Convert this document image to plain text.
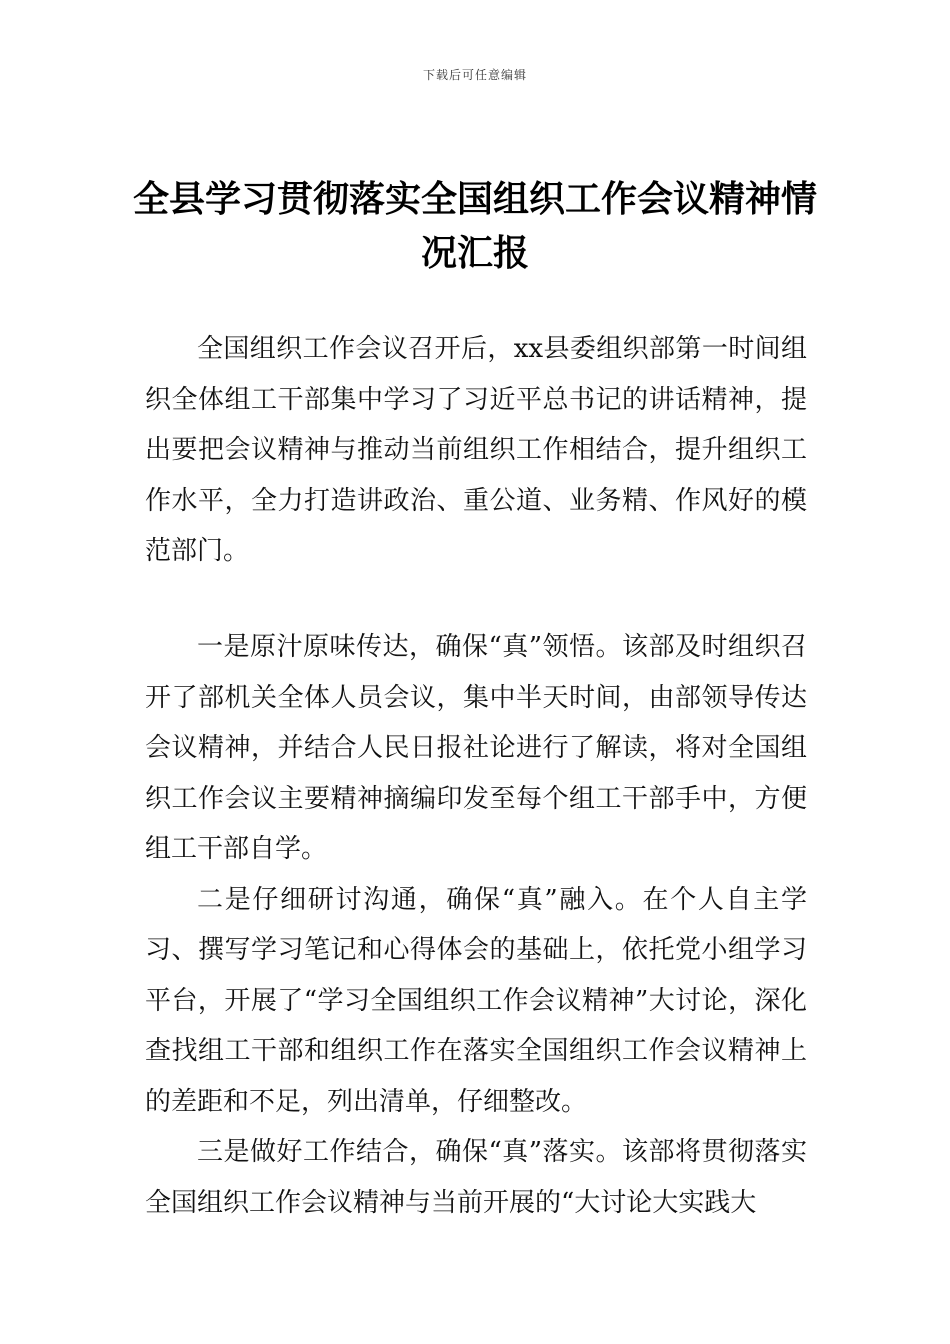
下载后可任意编辑
全县学习贯彻落实全国组织工作会议精神情况汇报

全国组织工作会议召开后，xx县委组织部第一时间组织全体组工干部集中学习了习近平总书记的讲话精神，提出要把会议精神与推动当前组织工作相结合，提升组织工作水平，全力打造讲政治、重公道、业务精、作风好的模范部门。

一是原汁原味传达，确保“真”领悟。该部及时组织召开了部机关全体人员会议，集中半天时间，由部领导传达会议精神，并结合人民日报社论进行了解读，将对全国组织工作会议主要精神摘编印发至每个组工干部手中，方便组工干部自学。

二是仔细研讨沟通，确保“真”融入。在个人自主学习、撰写学习笔记和心得体会的基础上，依托党小组学习平台，开展了“学习全国组织工作会议精神”大讨论，深化查找组工干部和组织工作在落实全国组织工作会议精神上的差距和不足，列出清单，仔细整改。

三是做好工作结合，确保“真”落实。该部将贯彻落实全国组织工作会议精神与当前开展的“大讨论大实践大
